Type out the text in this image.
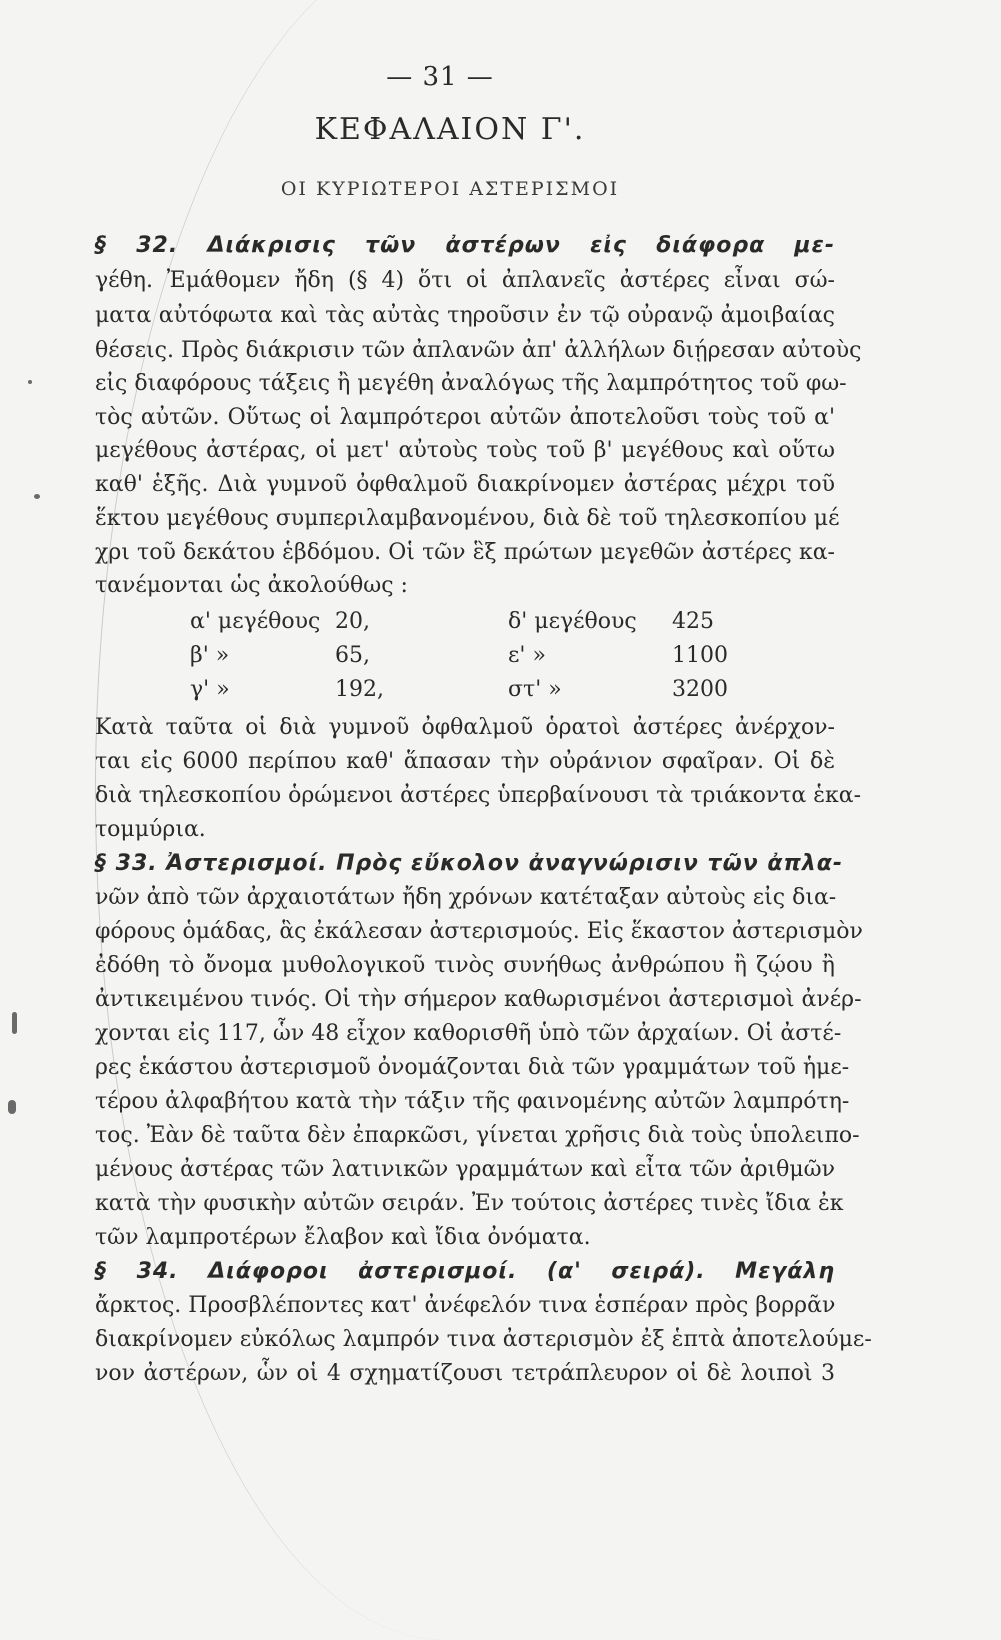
— 31 —
ΚΕΦΑΛΑΙΟΝ Γ'.
ΟΙ ΚΥΡΙΩΤΕΡΟΙ ΑΣΤΕΡΙΣΜΟΙ
§ 32. Διάκρισις τῶν ἀστέρων εἰς διάφορα με-
γέθη. Ἐμάθομεν ἤδη (§ 4) ὅτι οἱ ἀπλανεῖς ἀστέρες εἶναι σώ-
ματα αὐτόφωτα καὶ τὰς αὐτὰς τηροῦσιν ἐν τῷ οὐρανῷ ἀμοιβαίας
θέσεις. Πρὸς διάκρισιν τῶν ἀπλανῶν ἀπ' ἀλλήλων διῄρεσαν αὐτοὺς
εἰς διαφόρους τάξεις ἢ μεγέθη ἀναλόγως τῆς λαμπρότητος τοῦ φω-
τὸς αὐτῶν. Οὕτως οἱ λαμπρότεροι αὐτῶν ἀποτελοῦσι τοὺς τοῦ α'
μεγέθους ἀστέρας, οἱ μετ' αὐτοὺς τοὺς τοῦ β' μεγέθους καὶ οὕτω
καθ' ἑξῆς. Διὰ γυμνοῦ ὀφθαλμοῦ διακρίνομεν ἀστέρας μέχρι τοῦ
ἕκτου μεγέθους συμπεριλαμβανομένου, διὰ δὲ τοῦ τηλεσκοπίου μέ
χρι τοῦ δεκάτου ἑβδόμου. Οἱ τῶν ἓξ πρώτων μεγεθῶν ἀστέρες κα-
τανέμονται ὡς ἀκολούθως :
α' μεγέθους 20,	δ' μεγέθους 425
β' »	65,	ε' »	1100
γ' »	192,	στ' »	3200
Κατὰ ταῦτα οἱ διὰ γυμνοῦ ὀφθαλμοῦ ὁρατοὶ ἀστέρες ἀνέρχον-
ται εἰς 6000 περίπου καθ' ἅπασαν τὴν οὐράνιον σφαῖραν. Οἱ δὲ
διὰ τηλεσκοπίου ὁρώμενοι ἀστέρες ὑπερβαίνουσι τὰ τριάκοντα ἑκα-
τομμύρια.
§ 33. Ἀστερισμοί. Πρὸς εὔκολον ἀναγνώρισιν τῶν ἀπλα-
νῶν ἀπὸ τῶν ἀρχαιοτάτων ἤδη χρόνων κατέταξαν αὐτοὺς εἰς δια-
φόρους ὁμάδας, ἃς ἐκάλεσαν ἀστερισμούς. Εἰς ἕκαστον ἀστερισμὸν
ἐδόθη τὸ ὄνομα μυθολογικοῦ τινὸς συνήθως ἀνθρώπου ἢ ζῴου ἢ
ἀντικειμένου τινός. Οἱ τὴν σήμερον καθωρισμένοι ἀστερισμοὶ ἀνέρ-
χονται εἰς 117, ὧν 48 εἶχον καθορισθῆ ὑπὸ τῶν ἀρχαίων. Οἱ ἀστέ-
ρες ἑκάστου ἀστερισμοῦ ὀνομάζονται διὰ τῶν γραμμάτων τοῦ ἡμε-
τέρου ἀλφαβήτου κατὰ τὴν τάξιν τῆς φαινομένης αὐτῶν λαμπρότη-
τος. Ἐὰν δὲ ταῦτα δὲν ἐπαρκῶσι, γίνεται χρῆσις διὰ τοὺς ὑπολειπο-
μένους ἀστέρας τῶν λατινικῶν γραμμάτων καὶ εἶτα τῶν ἀριθμῶν
κατὰ τὴν φυσικὴν αὐτῶν σειράν. Ἐν τούτοις ἀστέρες τινὲς ἴδια ἐκ
τῶν λαμπροτέρων ἔλαβον καὶ ἴδια ὀνόματα.
§ 34. Διάφοροι ἀστερισμοί. (α' σειρά). Μεγάλη
ἄρκτος. Προσβλέποντες κατ' ἀνέφελόν τινα ἑσπέραν πρὸς βορρᾶν
διακρίνομεν εὐκόλως λαμπρόν τινα ἀστερισμὸν ἐξ ἑπτὰ ἀποτελούμε-
νον ἀστέρων, ὧν οἱ 4 σχηματίζουσι τετράπλευρον οἱ δὲ λοιποὶ 3
